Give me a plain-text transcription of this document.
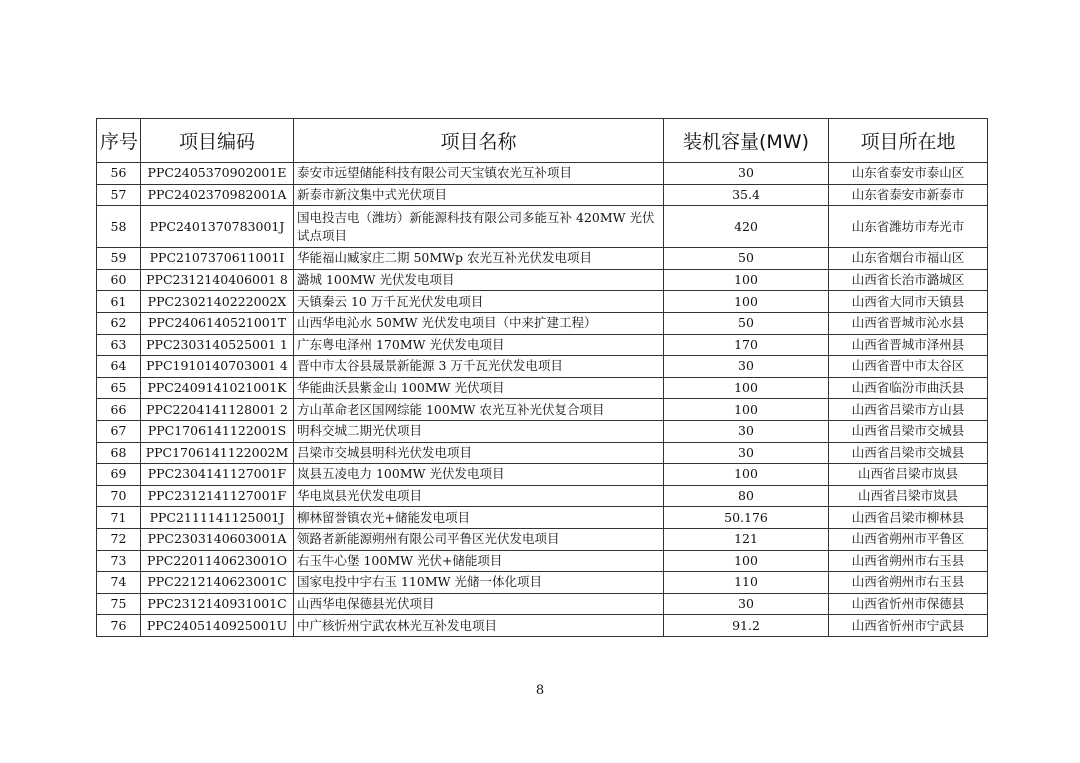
序号	项目编码	项目名称	装机容量(MW)	项目所在地
56	PPC2405370902001E	泰安市远望储能科技有限公司天宝镇农光互补项目	30	山东省泰安市泰山区
57	PPC2402370982001A	新泰市新汶集中式光伏项目	35.4	山东省泰安市新泰市
58	PPC2401370783001J	国电投吉电（潍坊）新能源科技有限公司多能互补 420MW 光伏试点项目	420	山东省潍坊市寿光市
59	PPC2107370611001I	华能福山臧家庄二期 50MWp 农光互补光伏发电项目	50	山东省烟台市福山区
60	PPC2312140406001 8	潞城 100MW 光伏发电项目	100	山西省长治市潞城区
61	PPC2302140222002X	天镇秦云 10 万千瓦光伏发电项目	100	山西省大同市天镇县
62	PPC2406140521001T	山西华电沁水 50MW 光伏发电项目（中来扩建工程）	50	山西省晋城市沁水县
63	PPC2303140525001 1	广东粤电泽州 170MW 光伏发电项目	170	山西省晋城市泽州县
64	PPC1910140703001 4	晋中市太谷县晟景新能源 3 万千瓦光伏发电项目	30	山西省晋中市太谷区
65	PPC2409141021001K	华能曲沃县紫金山 100MW 光伏项目	100	山西省临汾市曲沃县
66	PPC2204141128001 2	方山革命老区国网综能 100MW 农光互补光伏复合项目	100	山西省吕梁市方山县
67	PPC1706141122001S	明科交城二期光伏项目	30	山西省吕梁市交城县
68	PPC1706141122002M	吕梁市交城县明科光伏发电项目	30	山西省吕梁市交城县
69	PPC2304141127001F	岚县五凌电力 100MW 光伏发电项目	100	山西省吕梁市岚县
70	PPC2312141127001F	华电岚县光伏发电项目	80	山西省吕梁市岚县
71	PPC2111141125001J	柳林留誉镇农光+储能发电项目	50.176	山西省吕梁市柳林县
72	PPC2303140603001A	领路者新能源朔州有限公司平鲁区光伏发电项目	121	山西省朔州市平鲁区
73	PPC2201140623001O	右玉牛心堡 100MW 光伏+储能项目	100	山西省朔州市右玉县
74	PPC2212140623001C	国家电投中宇右玉 110MW 光储一体化项目	110	山西省朔州市右玉县
75	PPC2312140931001C	山西华电保德县光伏项目	30	山西省忻州市保德县
76	PPC2405140925001U	中广核忻州宁武农林光互补发电项目	91.2	山西省忻州市宁武县
8
